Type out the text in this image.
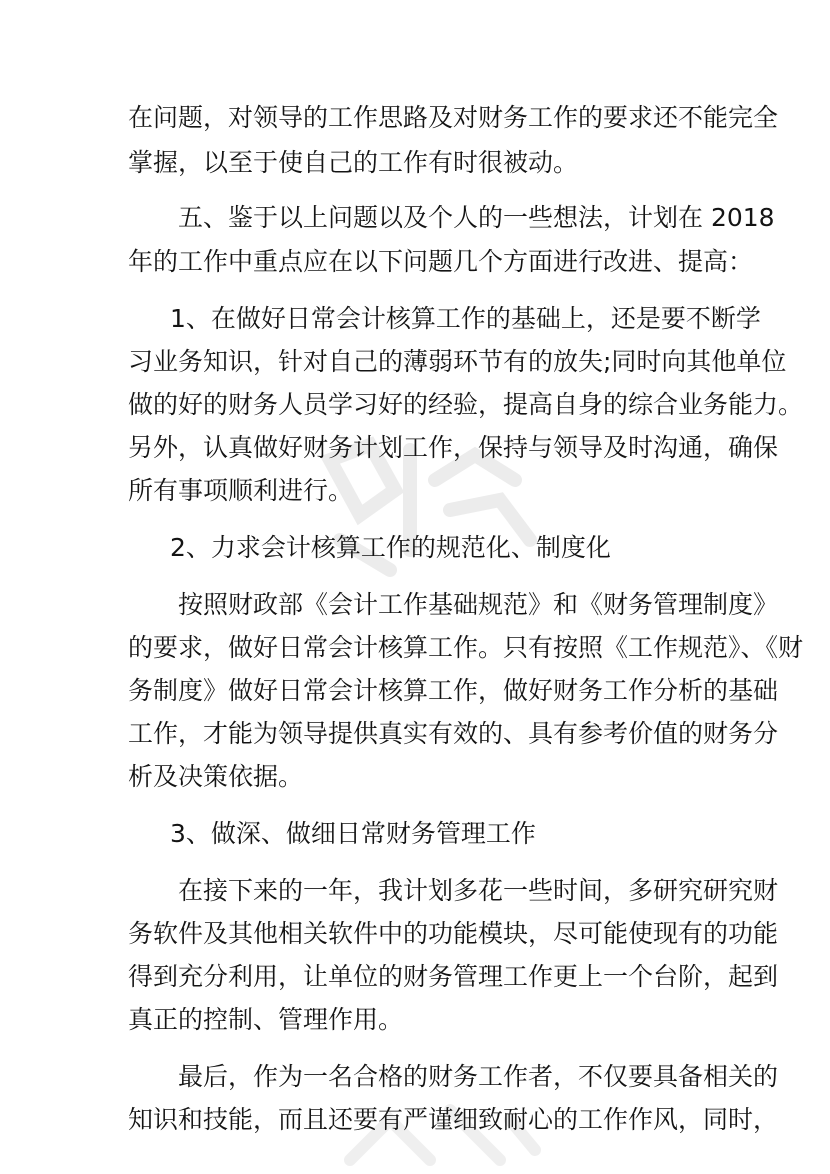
在问题，对领导的工作思路及对财务工作的要求还不能完全
掌握，以至于使自己的工作有时很被动。
五、鉴于以上问题以及个人的一些想法，计划在 2018
年的工作中重点应在以下问题几个方面进行改进、提高：
1、在做好日常会计核算工作的基础上，还是要不断学
习业务知识，针对自己的薄弱环节有的放失;同时向其他单位
做的好的财务人员学习好的经验，提高自身的综合业务能力。
另外，认真做好财务计划工作，保持与领导及时沟通，确保
所有事项顺利进行。
2、力求会计核算工作的规范化、制度化
按照财政部《会计工作基础规范》和《财务管理制度》
的要求，做好日常会计核算工作。只有按照《工作规范》、《财
务制度》做好日常会计核算工作，做好财务工作分析的基础
工作，才能为领导提供真实有效的、具有参考价值的财务分
析及决策依据。
3、做深、做细日常财务管理工作
在接下来的一年，我计划多花一些时间，多研究研究财
务软件及其他相关软件中的功能模块，尽可能使现有的功能
得到充分利用，让单位的财务管理工作更上一个台阶，起到
真正的控制、管理作用。
最后，作为一名合格的财务工作者，不仅要具备相关的
知识和技能，而且还要有严谨细致耐心的工作作风，同时，
